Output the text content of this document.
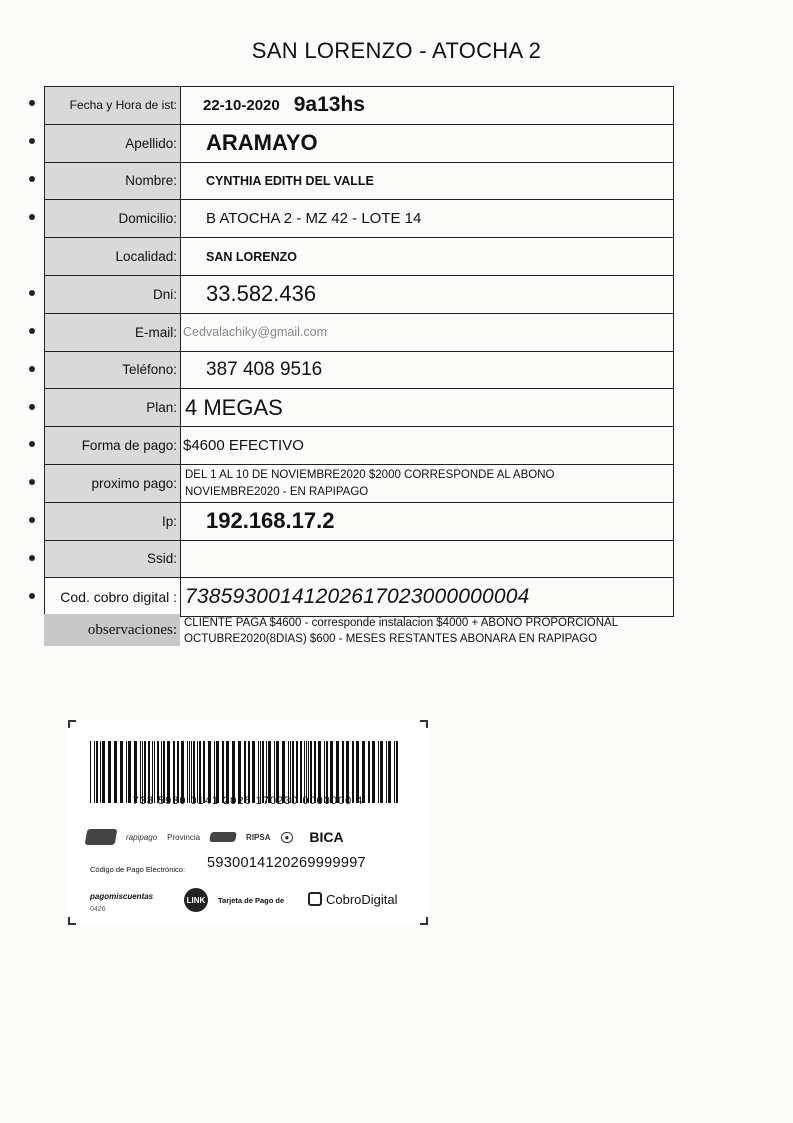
SAN LORENZO - ATOCHA 2
Fecha y Hora de ist: 22-10-2020 9a13hs
Apellido:	ARAMAYO
Nombre:	CYNTHIA EDITH DEL VALLE
Domicilio:	B ATOCHA 2 - MZ 42 - LOTE 14
Localidad:	SAN LORENZO
Dni:	33.582.436
E-mail: Cedvalachiky@gmail.com
Teléfono:	387 408 9516
Plan: 4 MEGAS
Forma de pago: $4600 EFECTIVO
proximo pago:
DEL 1 AL 10 DE NOVIEMBRE2020 $2000 CORRESPONDE AL ABONO
NOVIEMBRE2020 - EN RAPIPAGO
Ip:	192.168.17.2
Ssid:
Cod. cobro digital : 73859300141202617023000000004
observaciones: CLIENTE PAGA $4600 - corresponde instalacion $4000 + ABONO PROPORCIONAL
OCTUBRE2020(8DIAS) $600 - MESES RESTANTES ABONARA EN RAPIPAGO
738 5930 0141 2026 170230 0000000 4
rapipago Provincia	RIPSA	● BICA
Código de Pago Electrónico: 5930014120269999997
pagomiscuentas
0426
LINK	Tarjeta de Pago de	CobroDigital
